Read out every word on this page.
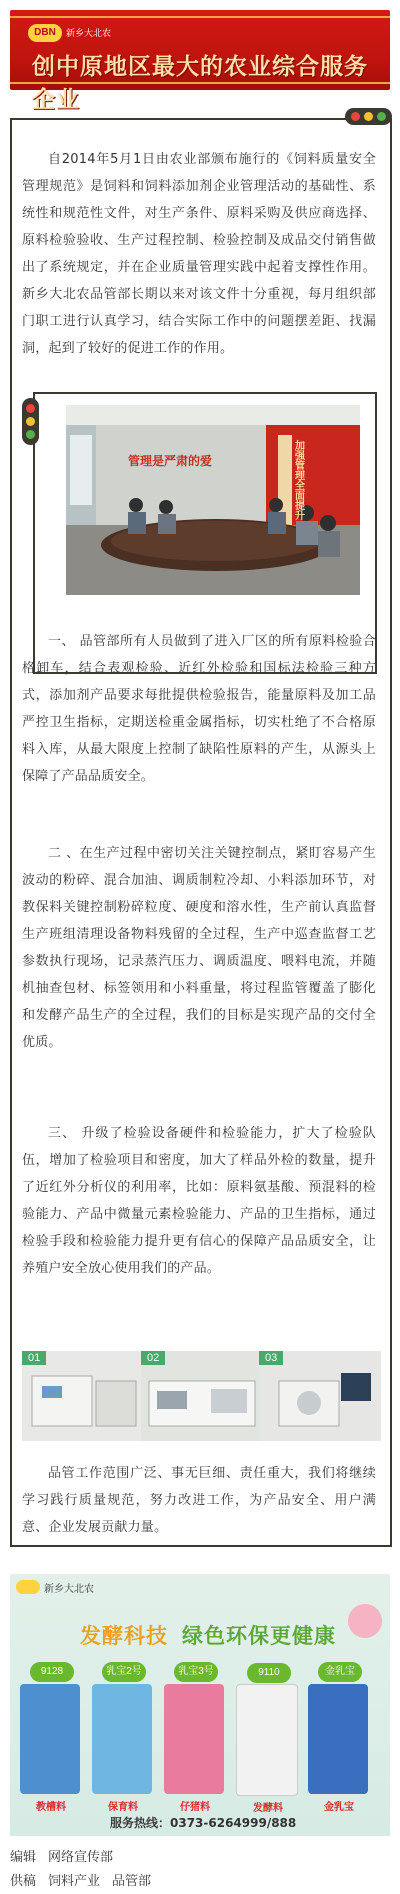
DBN	新乡大北农
创中原地区最大的农业综合服务企业

自2014年5月1日由农业部颁布施行的《饲料质量安全管理规范》是饲料和饲料添加剂企业管理活动的基础性、系统性和规范性文件，对生产条件、原料采购及供应商选择、原料检验验收、生产过程控制、检验控制及成品交付销售做出了系统规定，并在企业质量管理实践中起着支撑性作用。新乡大北农品管部长期以来对该文件十分重视，每月组织部门职工进行认真学习，结合实际工作中的问题摆差距、找漏洞，起到了较好的促进工作的作用。

管理是严肃的爱	加强管理全面提升

一、 品管部所有人员做到了进入厂区的所有原料检验合格卸车，结合表观检验、近红外检验和国标法检验三种方式，添加剂产品要求每批提供检验报告，能量原料及加工品严控卫生指标，定期送检重金属指标，切实杜绝了不合格原料入库，从最大限度上控制了缺陷性原料的产生，从源头上保障了产品品质安全。

二 、在生产过程中密切关注关键控制点，紧盯容易产生波动的粉碎、混合加油、调质制粒冷却、小料添加环节，对教保料关键控制粉碎粒度、硬度和溶水性，生产前认真监督生产班组清理设备物料残留的全过程，生产中巡查监督工艺参数执行现场，记录蒸汽压力、调质温度、喂料电流，并随机抽查包材、标签领用和小料重量，将过程监管覆盖了膨化和发酵产品生产的全过程，我们的目标是实现产品的交付全优质。

三、 升级了检验设备硬件和检验能力，扩大了检验队伍，增加了检验项目和密度，加大了样品外检的数量，提升了近红外分析仪的利用率，比如：原料氨基酸、预混料的检验能力、产品中微量元素检验能力、产品的卫生指标，通过检验手段和检验能力提升更有信心的保障产品品质安全，让养殖户安全放心使用我们的产品。

01	02	03

品管工作范围广泛、事无巨细、责任重大，我们将继续学习践行质量规范，努力改进工作，为产品安全、用户满意、企业发展贡献力量。

新乡大北农
发酵科技 绿色环保更健康
9128
教槽料
乳宝2号
保育料
乳宝3号
仔猪料
9110
发酵料
金乳宝
金乳宝
服务热线：0373-6264999/888
编辑 网络宣传部
供稿 饲料产业 品管部
